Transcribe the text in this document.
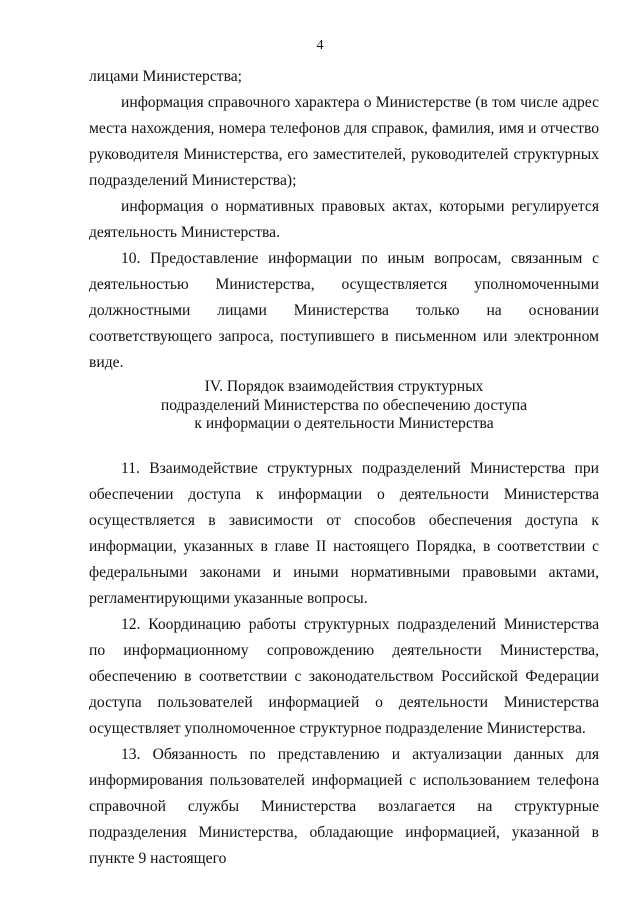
4

лицами Министерства;

информация справочного характера о Министерстве (в том числе адрес места нахождения, номера телефонов для справок, фамилия, имя и отчество руководителя Министерства, его заместителей, руководителей структурных подразделений Министерства);

информация о нормативных правовых актах, которыми регулируется деятельность Министерства.

10. Предоставление информации по иным вопросам, связанным с деятельностью Министерства, осуществляется уполномоченными должностными лицами Министерства только на основании соответствующего запроса, поступившего в письменном или электронном виде.

IV. Порядок взаимодействия структурных
подразделений Министерства по обеспечению доступа
к информации о деятельности Министерства

11. Взаимодействие структурных подразделений Министерства при обеспечении доступа к информации о деятельности Министерства осуществляется в зависимости от способов обеспечения доступа к информации, указанных в главе II настоящего Порядка, в соответствии с федеральными законами и иными нормативными правовыми актами, регламентирующими указанные вопросы.

12. Координацию работы структурных подразделений Министерства по информационному сопровождению деятельности Министерства, обеспечению в соответствии с законодательством Российской Федерации доступа пользователей информацией о деятельности Министерства осуществляет уполномоченное структурное подразделение Министерства.

13. Обязанность по представлению и актуализации данных для информирования пользователей информацией с использованием телефона справочной службы Министерства возлагается на структурные подразделения Министерства, обладающие информацией, указанной в пункте 9 настоящего
